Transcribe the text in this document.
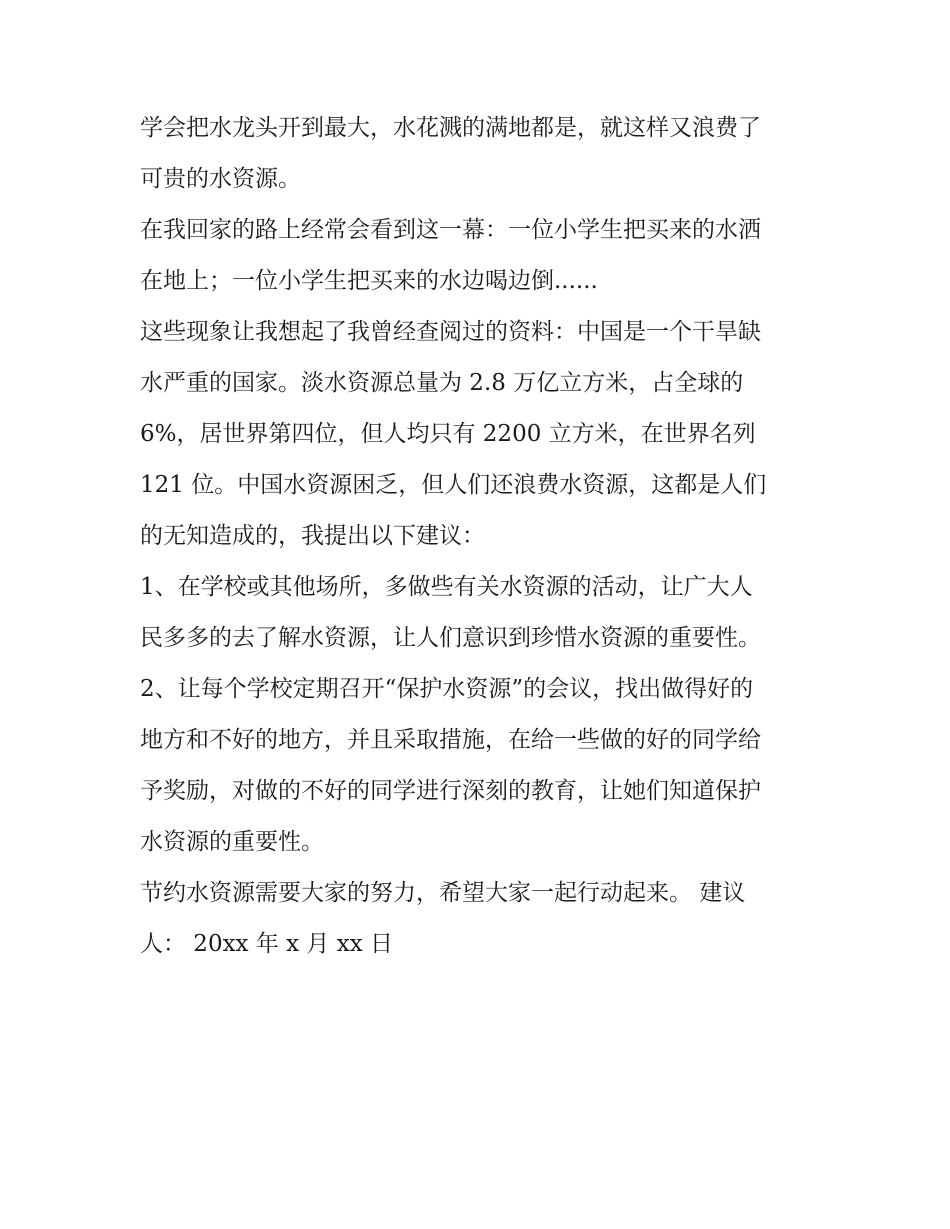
学会把水龙头开到最大，水花溅的满地都是，就这样又浪费了
可贵的水资源。
在我回家的路上经常会看到这一幕：一位小学生把买来的水洒
在地上；一位小学生把买来的水边喝边倒......
这些现象让我想起了我曾经查阅过的资料：中国是一个干旱缺
水严重的国家。淡水资源总量为 2.8 万亿立方米，占全球的
6%，居世界第四位，但人均只有 2200 立方米，在世界名列
121 位。中国水资源困乏，但人们还浪费水资源，这都是人们
的无知造成的，我提出以下建议：
1、在学校或其他场所，多做些有关水资源的活动，让广大人
民多多的去了解水资源，让人们意识到珍惜水资源的重要性。
2、让每个学校定期召开“保护水资源”的会议，找出做得好的
地方和不好的地方，并且采取措施，在给一些做的好的同学给
予奖励，对做的不好的同学进行深刻的教育，让她们知道保护
水资源的重要性。
节约水资源需要大家的努力，希望大家一起行动起来。 建议
人： 20xx 年 x 月 xx 日
